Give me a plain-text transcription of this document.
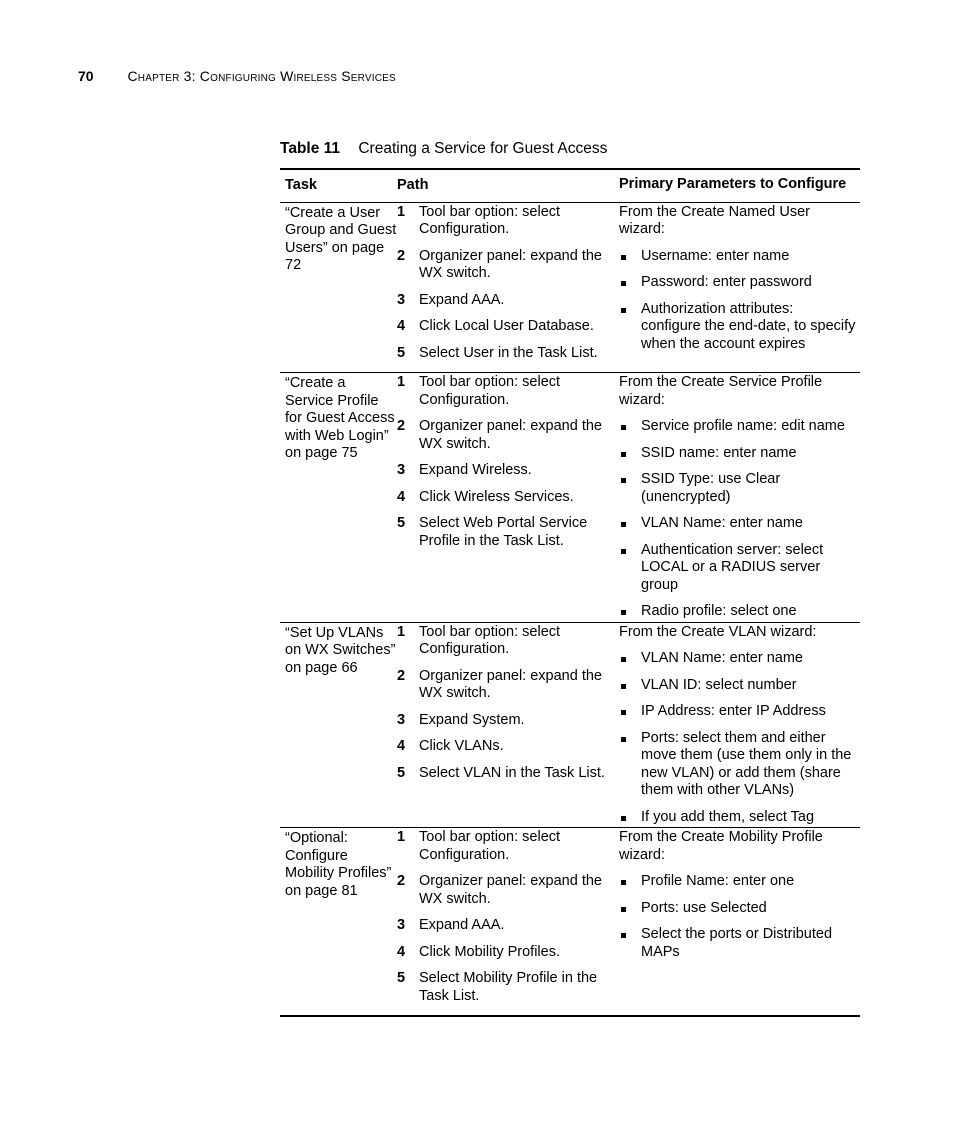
70 Chapter 3: Configuring Wireless Services
Table 11 Creating a Service for Guest Access
Task	Path	Primary Parameters to Configure
“Create a User Group and Guest Users” on page 72
1 Tool bar option: select Configuration.
2 Organizer panel: expand the WX switch.
3 Expand AAA.
4 Click Local User Database.
5 Select User in the Task List.
From the Create Named User wizard:
Username: enter name
Password: enter password
Authorization attributes: configure the end-date, to specify when the account expires
“Create a Service Profile for Guest Access with Web Login” on page 75
1 Tool bar option: select Configuration.
2 Organizer panel: expand the WX switch.
3 Expand Wireless.
4 Click Wireless Services.
5 Select Web Portal Service Profile in the Task List.
From the Create Service Profile wizard:
Service profile name: edit name
SSID name: enter name
SSID Type: use Clear (unencrypted)
VLAN Name: enter name
Authentication server: select LOCAL or a RADIUS server group
Radio profile: select one
“Set Up VLANs on WX Switches” on page 66
1 Tool bar option: select Configuration.
2 Organizer panel: expand the WX switch.
3 Expand System.
4 Click VLANs.
5 Select VLAN in the Task List.
From the Create VLAN wizard:
VLAN Name: enter name
VLAN ID: select number
IP Address: enter IP Address
Ports: select them and either move them (use them only in the new VLAN) or add them (share them with other VLANs)
If you add them, select Tag
“Optional: Configure Mobility Profiles” on page 81
1 Tool bar option: select Configuration.
2 Organizer panel: expand the WX switch.
3 Expand AAA.
4 Click Mobility Profiles.
5 Select Mobility Profile in the Task List.
From the Create Mobility Profile wizard:
Profile Name: enter one
Ports: use Selected
Select the ports or Distributed MAPs
